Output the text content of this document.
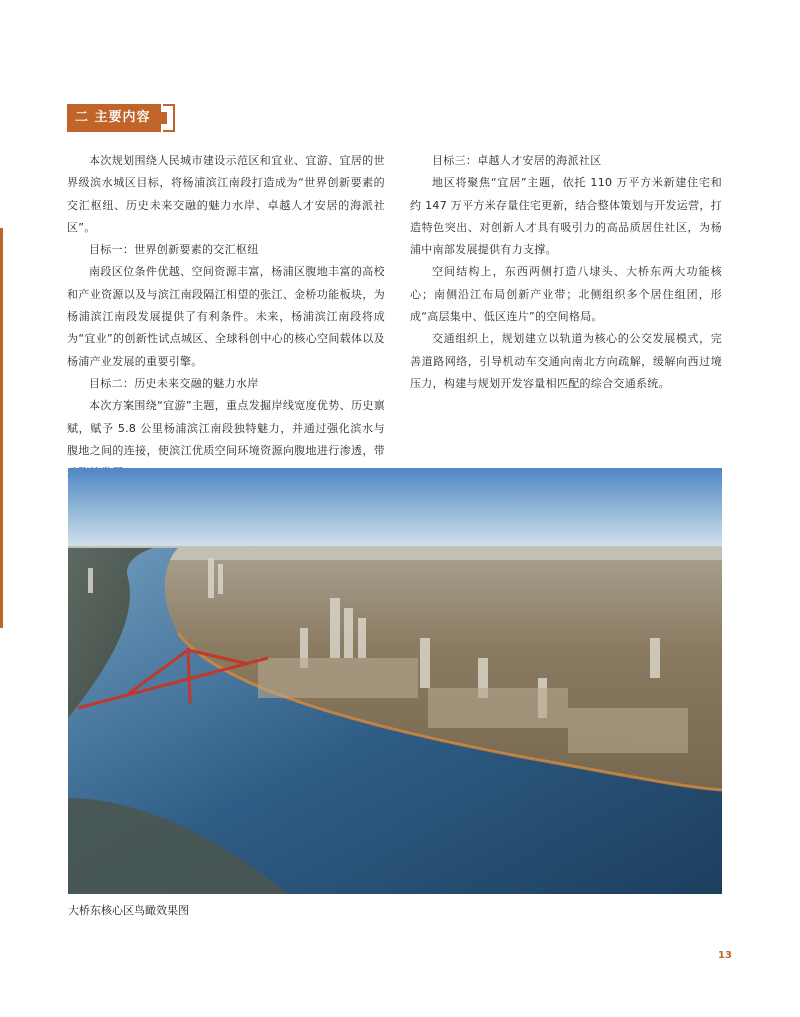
二 主要内容

本次规划围绕人民城市建设示范区和宜业、宜游、宜居的世界级滨水城区目标，将杨浦滨江南段打造成为“世界创新要素的交汇枢纽、历史未来交融的魅力水岸、卓越人才安居的海派社区”。

目标一：世界创新要素的交汇枢纽

南段区位条件优越、空间资源丰富，杨浦区腹地丰富的高校和产业资源以及与滨江南段隔江相望的张江、金桥功能板块，为杨浦滨江南段发展提供了有利条件。未来，杨浦滨江南段将成为“宜业”的创新性试点城区、全球科创中心的核心空间载体以及杨浦产业发展的重要引擎。

目标二：历史未来交融的魅力水岸

本次方案围绕“宜游”主题，重点发掘岸线宽度优势、历史禀赋，赋予 5.8 公里杨浦滨江南段独特魅力，并通过强化滨水与腹地之间的连接，使滨江优质空间环境资源向腹地进行渗透，带

目标三：卓越人才安居的海派社区

地区将聚焦“宜居”主题，依托 110 万平方米新建住宅和约 147 万平方米存量住宅更新，结合整体策划与开发运营，打造特色突出、对创新人才具有吸引力的高品质居住社区，为杨浦中南部发展提供有力支撑。

空间结构上，东西两侧打造八埭头、大桥东两大功能核心；南侧沿江布局创新产业带；北侧组织多个居住组团，形成“高层集中、低区连片”的空间格局。

交通组织上，规划建立以轨道为核心的公交发展模式，完善道路网络，引导机动车交通向南北方向疏解，缓解向西过境压力，构建与规划开发容量相匹配的综合交通系统。

大桥东核心区鸟瞰效果图
13
